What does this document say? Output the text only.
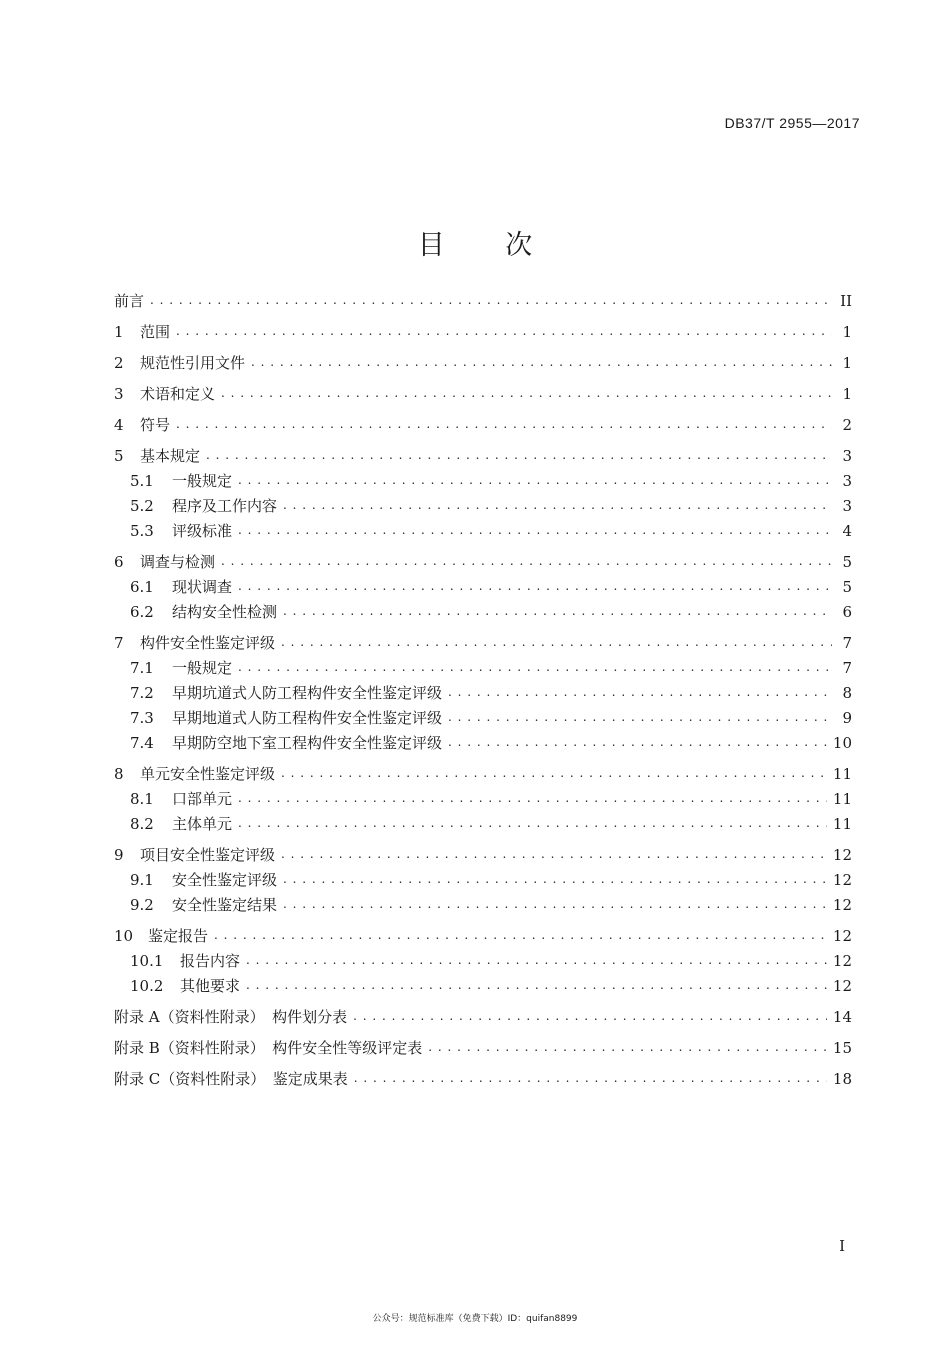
DB37/T 2955—2017
目 次
前言 . . .	II
1	范围 . . .	1
2	规范性引用文件 . . .	1
3	术语和定义 . . .	1
4	符号 . . .	2
5	基本规定 . . .	3
5.1	一般规定 . . .	3
5.2	程序及工作内容 . . .	3
5.3	评级标准 . . .	4
6	调查与检测 . . .	5
6.1	现状调查 . . .	5
6.2	结构安全性检测 . . .	6
7	构件安全性鉴定评级 . . .	7
7.1	一般规定 . . .	7
7.2	早期坑道式人防工程构件安全性鉴定评级 . . .	8
7.3	早期地道式人防工程构件安全性鉴定评级 . . .	9
7.4	早期防空地下室工程构件安全性鉴定评级 . . .	10
8	单元安全性鉴定评级 . . .	11
8.1	口部单元 . . .	11
8.2	主体单元 . . .	11
9	项目安全性鉴定评级 . . .	12
9.1	安全性鉴定评级 . . .	12
9.2	安全性鉴定结果 . . .	12
10 鉴定报告 . . .	12
10.1	报告内容 . . .	12
10.2	其他要求 . . .	12
附录 A（资料性附录）　构件划分表 . . .	14
附录 B（资料性附录）　构件安全性等级评定表 . . .	15
附录 C（资料性附录）　鉴定成果表 . . .	18
I
公众号：规范标准库（免费下载）ID：quifan8899
